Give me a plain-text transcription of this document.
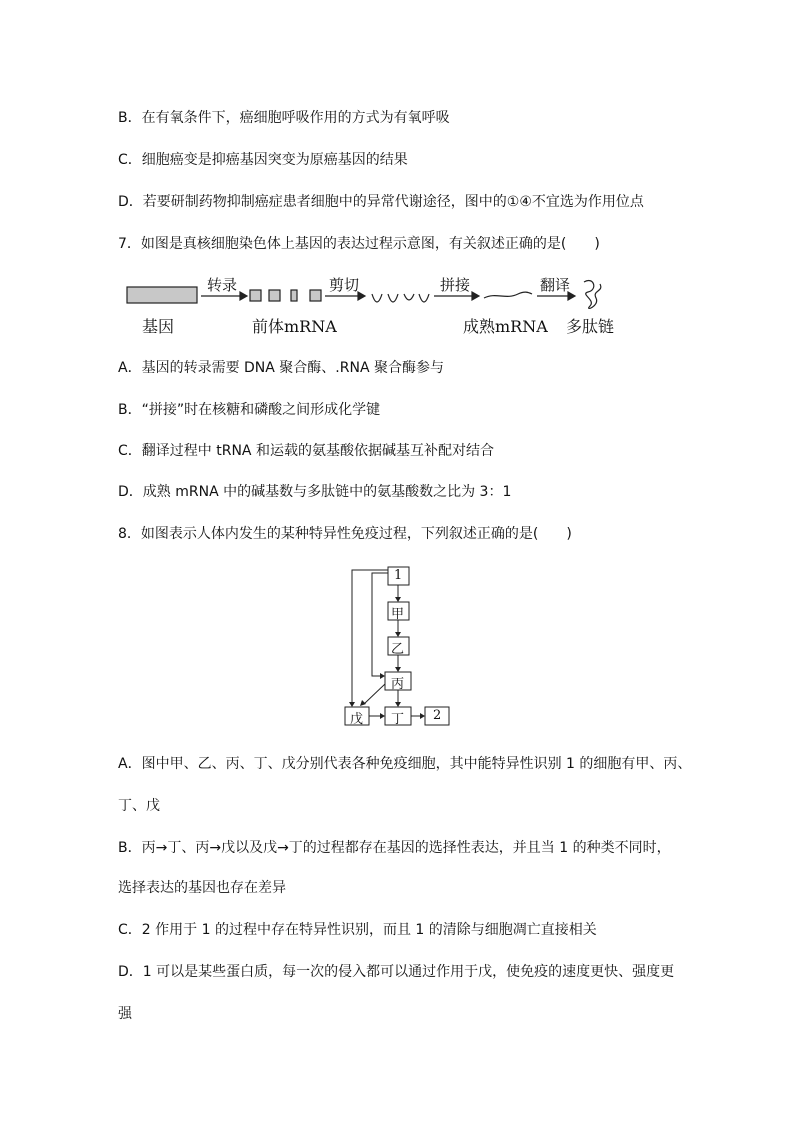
B．在有氧条件下，癌细胞呼吸作用的方式为有氧呼吸
C．细胞癌变是抑癌基因突变为原癌基因的结果
D．若要研制药物抑制癌症患者细胞中的异常代谢途径，图中的①④不宜选为作用位点
7．如图是真核细胞染色体上基因的表达过程示意图，有关叙述正确的是(　　)
转录	剪切	拼接	翻译
基因	前体mRNA	成熟mRNA 多肽链
A．基因的转录需要 DNA 聚合酶、.RNA 聚合酶参与
B．“拼接”时在核糖和磷酸之间形成化学键
C．翻译过程中 tRNA 和运载的氨基酸依据碱基互补配对结合
D．成熟 mRNA 中的碱基数与多肽链中的氨基酸数之比为 3：1
8．如图表示人体内发生的某种特异性免疫过程，下列叙述正确的是(　　)
1
甲
乙
丙
戊 丁 2
A．图中甲、乙、丙、丁、戊分别代表各种免疫细胞，其中能特异性识别 1 的细胞有甲、丙、
丁、戊
B．丙→丁、丙→戊以及戊→丁的过程都存在基因的选择性表达，并且当 1 的种类不同时，
选择表达的基因也存在差异
C．2 作用于 1 的过程中存在特异性识别，而且 1 的清除与细胞凋亡直接相关
D．1 可以是某些蛋白质，每一次的侵入都可以通过作用于戊，使免疫的速度更快、强度更
强
